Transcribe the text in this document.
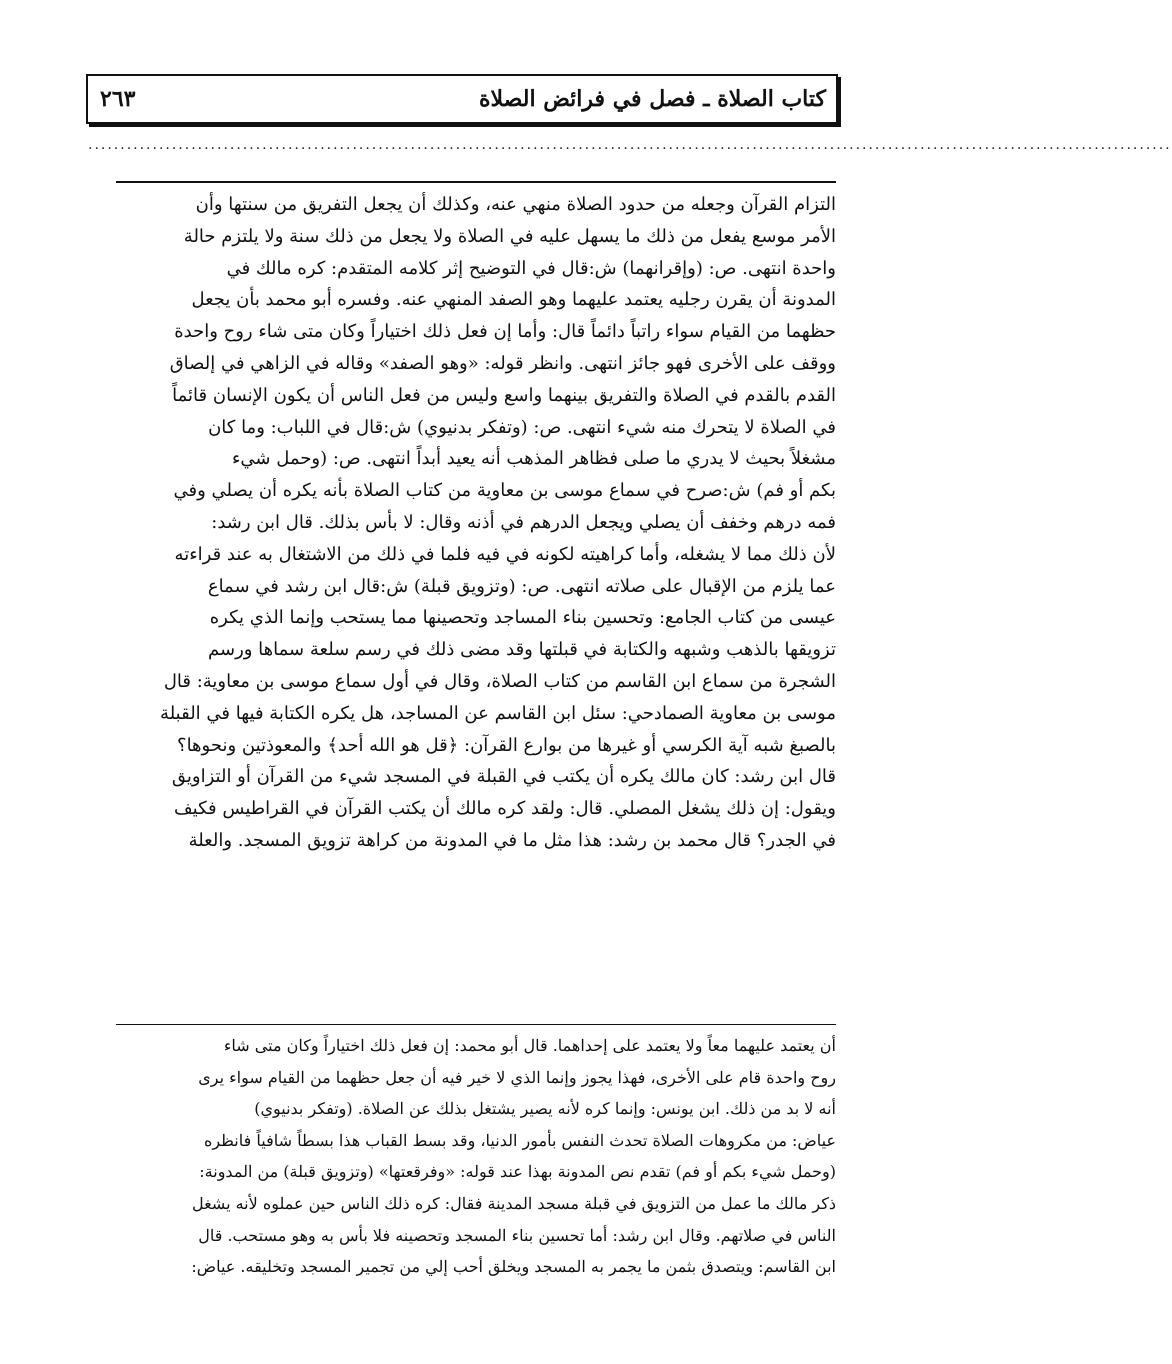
كتاب الصلاة ـ فصل في فرائض الصلاة
٢٦٣
........................................................................................................................................................................
التزام القرآن وجعله من حدود الصلاة منهي عنه، وكذلك أن يجعل التفريق من سنتها وأن
الأمر موسع يفعل من ذلك ما يسهل عليه في الصلاة ولا يجعل من ذلك سنة ولا يلتزم حالة
واحدة انتهى. ص: (وإقرانهما) ش:قال في التوضيح إثر كلامه المتقدم: كره مالك في
المدونة أن يقرن رجليه يعتمد عليهما وهو الصفد المنهي عنه. وفسره أبو محمد بأن يجعل
حظهما من القيام سواء راتباً دائماً قال: وأما إن فعل ذلك اختياراً وكان متى شاء روح واحدة
ووقف على الأخرى فهو جائز انتهى. وانظر قوله: «وهو الصفد» وقاله في الزاهي في إلصاق
القدم بالقدم في الصلاة والتفريق بينهما واسع وليس من فعل الناس أن يكون الإنسان قائماً
في الصلاة لا يتحرك منه شيء انتهى. ص: (وتفكر بدنيوي) ش:قال في اللباب: وما كان
مشغلاً بحيث لا يدري ما صلى فظاهر المذهب أنه يعيد أبداً انتهى. ص: (وحمل شيء
بكم أو فم) ش:صرح في سماع موسى بن معاوية من كتاب الصلاة بأنه يكره أن يصلي وفي
فمه درهم وخفف أن يصلي ويجعل الدرهم في أذنه وقال: لا بأس بذلك. قال ابن رشد:
لأن ذلك مما لا يشغله، وأما كراهيته لكونه في فيه فلما في ذلك من الاشتغال به عند قراءته
عما يلزم من الإقبال على صلاته انتهى. ص: (وتزويق قبلة) ش:قال ابن رشد في سماع
عيسى من كتاب الجامع: وتحسين بناء المساجد وتحصينها مما يستحب وإنما الذي يكره
تزويقها بالذهب وشبهه والكتابة في قبلتها وقد مضى ذلك في رسم سلعة سماها ورسم
الشجرة من سماع ابن القاسم من كتاب الصلاة، وقال في أول سماع موسى بن معاوية: قال
موسى بن معاوية الصمادحي: سئل ابن القاسم عن المساجد، هل يكره الكتابة فيها في القبلة
بالصبغ شبه آية الكرسي أو غيرها من بوارع القرآن: ﴿قل هو الله أحد﴾ والمعوذتين ونحوها؟
قال ابن رشد: كان مالك يكره أن يكتب في القبلة في المسجد شيء من القرآن أو التزاويق
ويقول: إن ذلك يشغل المصلي. قال: ولقد كره مالك أن يكتب القرآن في القراطيس فكيف
في الجدر؟ قال محمد بن رشد: هذا مثل ما في المدونة من كراهة تزويق المسجد. والعلة
أن يعتمد عليهما معاً ولا يعتمد على إحداهما. قال أبو محمد: إن فعل ذلك اختياراً وكان متى شاء
روح واحدة قام على الأخرى، فهذا يجوز وإنما الذي لا خير فيه أن جعل حظهما من القيام سواء يرى
أنه لا بد من ذلك. ابن يونس: وإنما كره لأنه يصير يشتغل بذلك عن الصلاة. (وتفكر بدنيوي)
عياض: من مكروهات الصلاة تحدث النفس بأمور الدنيا، وقد بسط القباب هذا بسطاً شافياً فانظره
(وحمل شيء بكم أو فم) تقدم نص المدونة بهذا عند قوله: «وفرقعتها» (وتزويق قبلة) من المدونة:
ذكر مالك ما عمل من التزويق في قبلة مسجد المدينة فقال: كره ذلك الناس حين عملوه لأنه يشغل
الناس في صلاتهم. وقال ابن رشد: أما تحسين بناء المسجد وتحصينه فلا بأس به وهو مستحب. قال
ابن القاسم: ويتصدق بثمن ما يجمر به المسجد ويخلق أحب إلي من تجمير المسجد وتخليقه. عياض:
